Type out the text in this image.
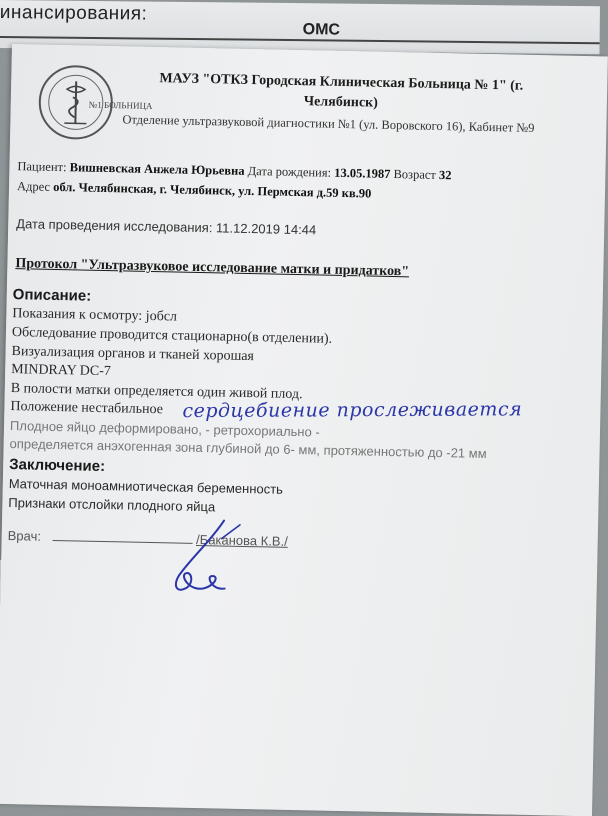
инансирования:
ОМС
№1 БОЛЬНИЦА
МАУЗ "ОТКЗ Городская Клиническая Больница № 1" (г. Челябинск)
Отделение ультразвуковой диагностики №1 (ул. Воровского 16), Кабинет №9
Пациент: Вишневская Анжела Юрьевна Дата рождения: 13.05.1987 Возраст 32
Адрес обл. Челябинская, г. Челябинск, ул. Пермская д.59 кв.90
Дата проведения исследования: 11.12.2019 14:44
Протокол "Ультразвуковое исследование матки и придатков"
Описание:
Показания к осмотру: jобсл
Обследование проводится стационарно(в отделении).
Визуализация органов и тканей хорошая
MINDRAY DC-7
В полости матки определяется один живой плод.
Положение нестабильное
Плодное яйцо деформировано, - ретрохориально -
определяется анэхогенная зона глубиной до 6- мм, протяженностью до -21 мм
сердцебиение прослеживается
Заключение:
Маточная моноамниотическая беременность
Признаки отслойки плодного яйца
Врач:	/Баканова К.В./
